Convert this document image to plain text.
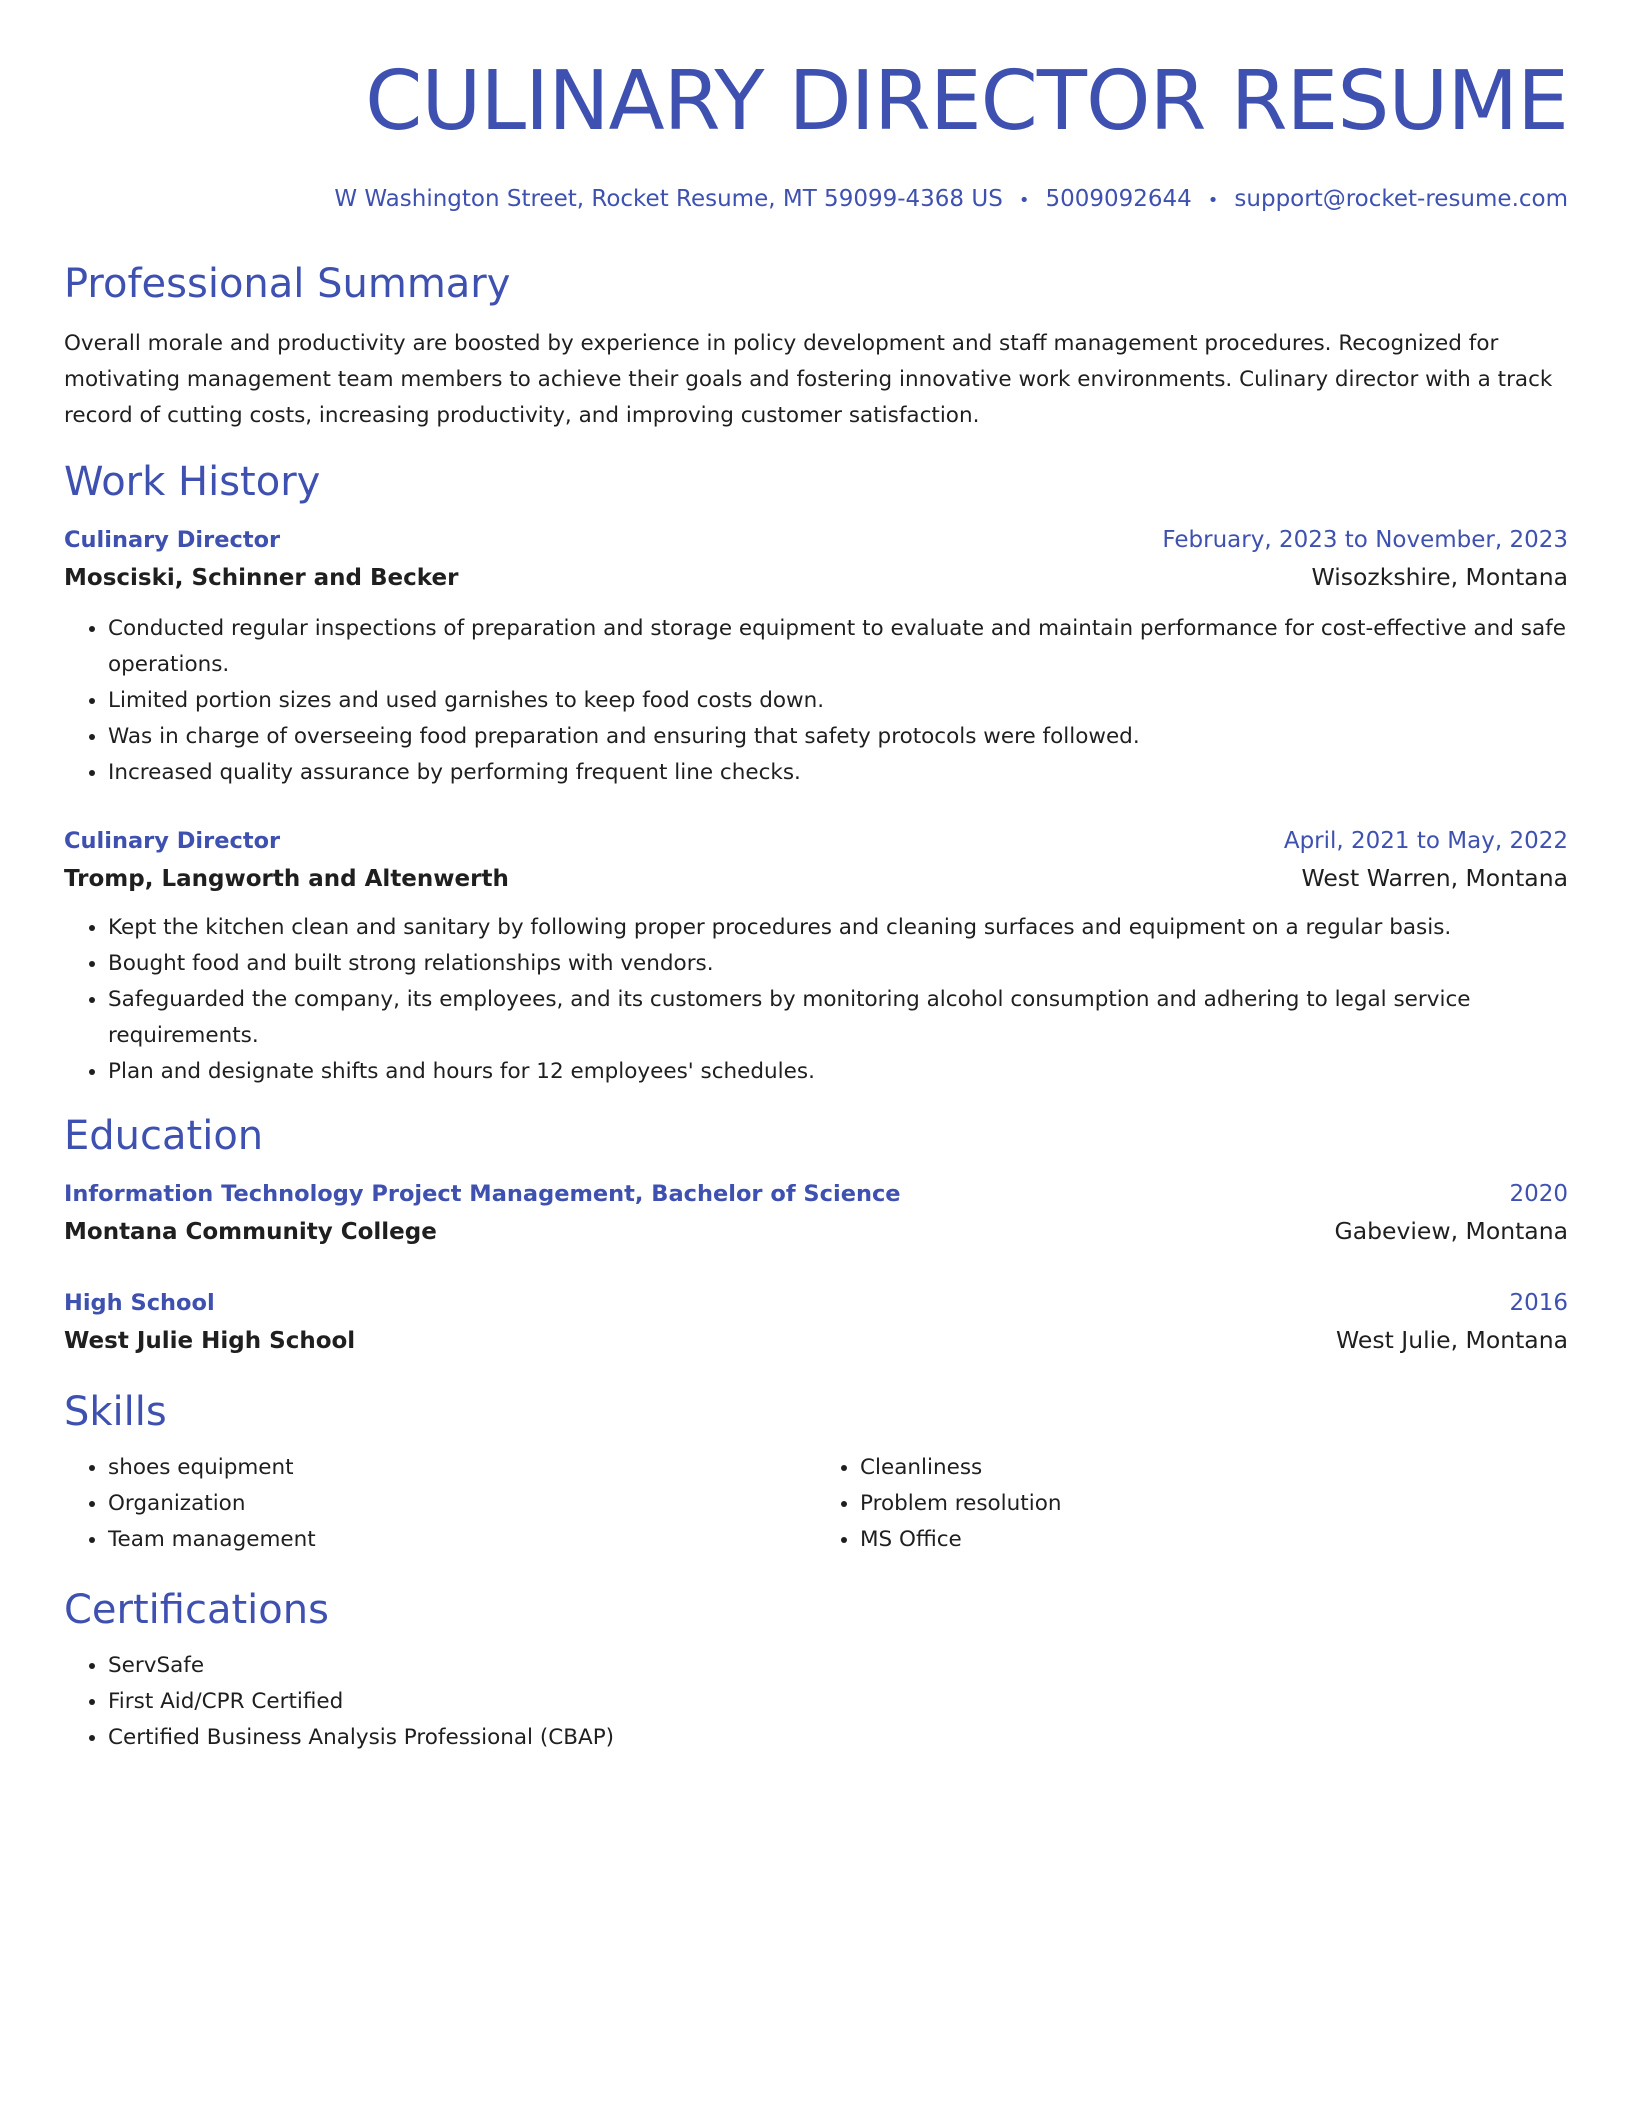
CULINARY DIRECTOR RESUME
W Washington Street, Rocket Resume, MT 59099-4368 US • 5009092644 • support@rocket-resume.com
Professional Summary
Overall morale and productivity are boosted by experience in policy development and staff management procedures. Recognized for motivating management team members to achieve their goals and fostering innovative work environments. Culinary director with a track record of cutting costs, increasing productivity, and improving customer satisfaction.
Work History
Culinary Director	February, 2023 to November, 2023
Mosciski, Schinner and Becker	Wisozkshire, Montana
• Conducted regular inspections of preparation and storage equipment to evaluate and maintain performance for cost-effective and safe operations.
• Limited portion sizes and used garnishes to keep food costs down.
• Was in charge of overseeing food preparation and ensuring that safety protocols were followed.
• Increased quality assurance by performing frequent line checks.
Culinary Director	April, 2021 to May, 2022
Tromp, Langworth and Altenwerth	West Warren, Montana
• Kept the kitchen clean and sanitary by following proper procedures and cleaning surfaces and equipment on a regular basis.
• Bought food and built strong relationships with vendors.
• Safeguarded the company, its employees, and its customers by monitoring alcohol consumption and adhering to legal service requirements.
• Plan and designate shifts and hours for 12 employees' schedules.
Education
Information Technology Project Management, Bachelor of Science	2020
Montana Community College	Gabeview, Montana
High School	2016
West Julie High School	West Julie, Montana
Skills
• shoes equipment
• Organization
• Team management
• Cleanliness
• Problem resolution
• MS Office
Certifications
• ServSafe
• First Aid/CPR Certified
• Certified Business Analysis Professional (CBAP)
